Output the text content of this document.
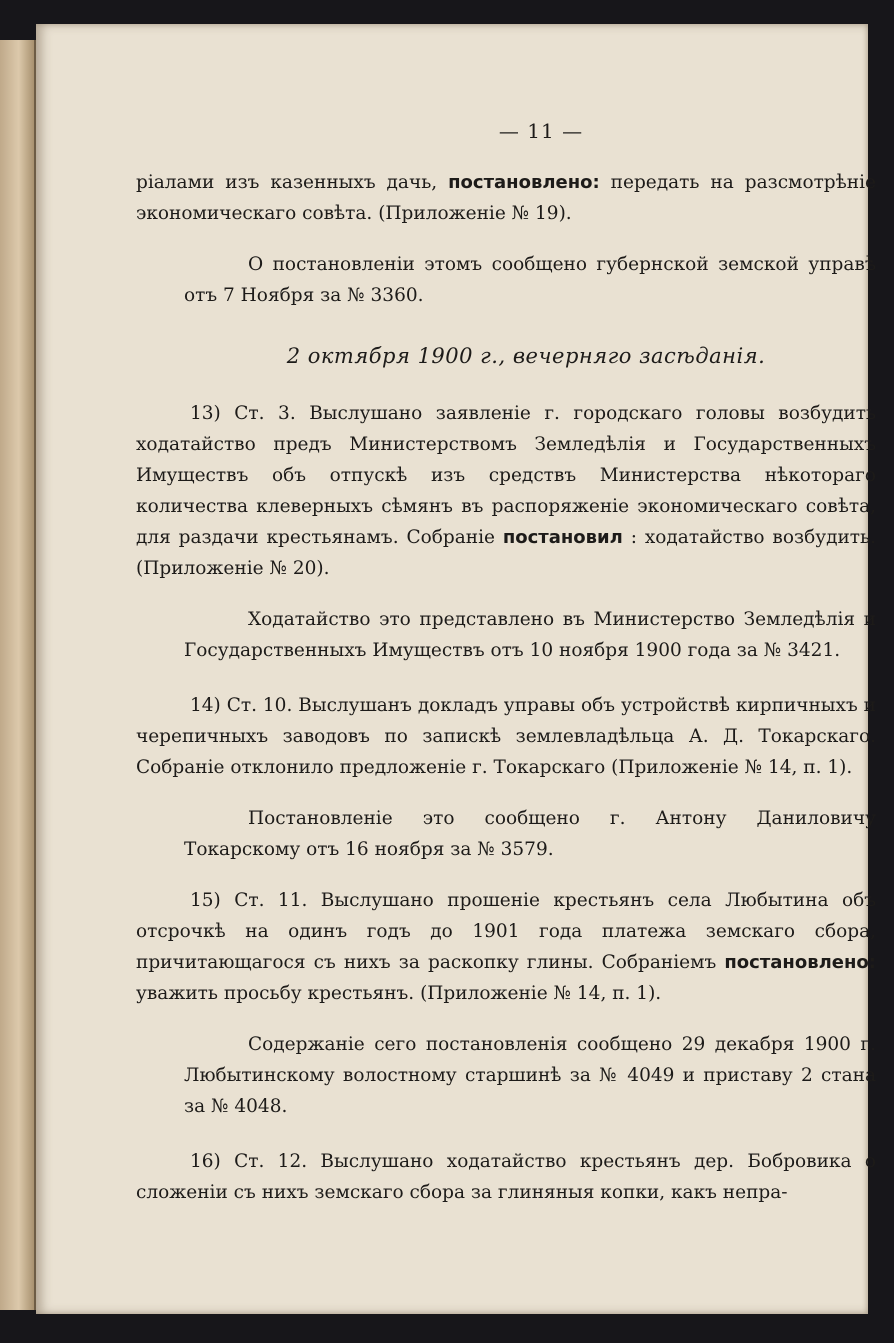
— 11 —

ріалами изъ казенныхъ дачь, постановлено: передать на разсмотрѣніе экономическаго совѣта. (Приложеніе № 19).

О постановленіи этомъ сообщено губернской земской управѣ отъ 7 Ноября за № 3360.

2 октября 1900 г., вечерняго засѣданія.

13) Ст. 3. Выслушано заявленіе г. городскаго головы возбудить ходатайство предъ Министерствомъ Земледѣлія и Государственныхъ Имуществъ объ отпускѣ изъ средствъ Министерства нѣкотораго количества клеверныхъ сѣмянъ въ распоряженіе экономическаго совѣта, для раздачи крестьянамъ. Собраніе постановил : ходатайство возбудить. (Приложеніе № 20).

Ходатайство это представлено въ Министерство Земледѣлія и Государственныхъ Имуществъ отъ 10 ноября 1900 года за № 3421.

14) Ст. 10. Выслушанъ докладъ управы объ устройствѣ кирпичныхъ и черепичныхъ заводовъ по запискѣ землевладѣльца А. Д. Токарскаго. Собраніе отклонило предложеніе г. Токарскаго (Приложеніе № 14, п. 1).

Постановленіе это сообщено г. Антону Даниловичу Токарскому отъ 16 ноября за № 3579.

15) Ст. 11. Выслушано прошеніе крестьянъ села Любытина объ отсрочкѣ на одинъ годъ до 1901 года платежа земскаго сбора, причитающагося съ нихъ за раскопку глины. Собраніемъ постановлено: уважить просьбу крестьянъ. (Приложеніе № 14, п. 1).

Содержаніе сего постановленія сообщено 29 декабря 1900 г. Любытинскому волостному старшинѣ за № 4049 и приставу 2 стана за № 4048.

16) Ст. 12. Выслушано ходатайство крестьянъ дер. Бобровика о сложеніи съ нихъ земскаго сбора за глиняныя копки, какъ непра-
